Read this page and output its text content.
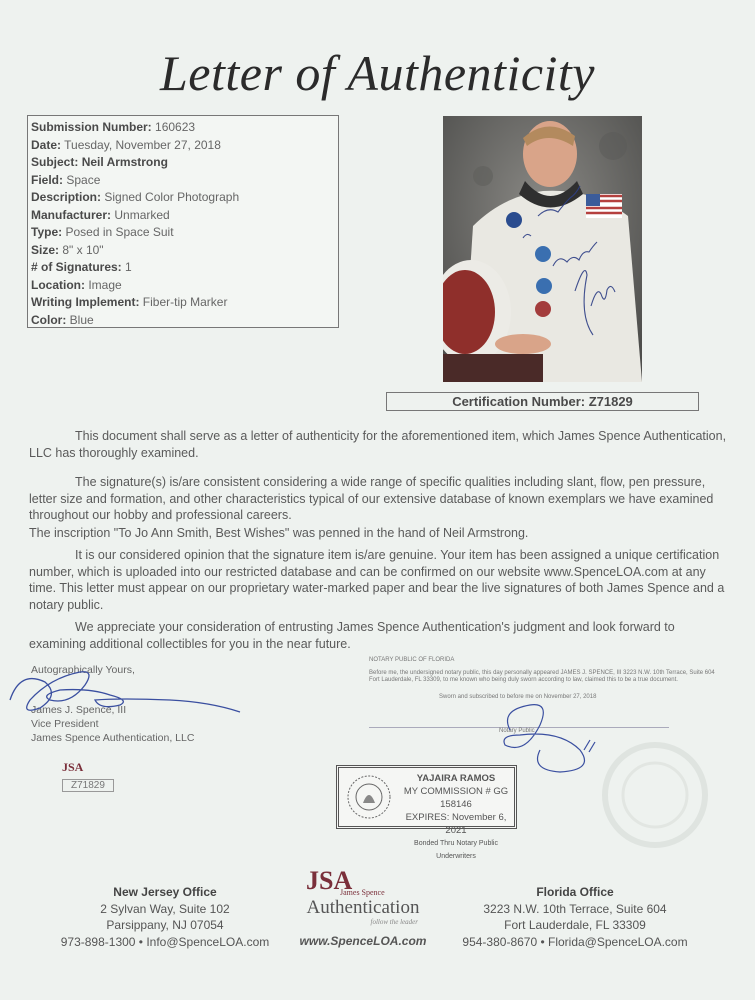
Letter of Authenticity
Submission Number: 160623
Date: Tuesday, November 27, 2018
Subject: Neil Armstrong
Field: Space
Description: Signed Color Photograph
Manufacturer: Unmarked
Type: Posed in Space Suit
Size: 8" x 10"
# of Signatures: 1
Location: Image
Writing Implement: Fiber-tip Marker
Color: Blue
Certification Number: Z71829
This document shall serve as a letter of authenticity for the aforementioned item, which James Spence Authentication, LLC has thoroughly examined.
The signature(s) is/are consistent considering a wide range of specific qualities including slant, flow, pen pressure, letter size and formation, and other characteristics typical of our extensive database of known exemplars we have examined throughout our hobby and professional careers.
The inscription "To Jo Ann Smith, Best Wishes" was penned in the hand of Neil Armstrong.
It is our considered opinion that the signature item is/are genuine. Your item has been assigned a unique certification number, which is uploaded into our restricted database and can be confirmed on our website www.SpenceLOA.com at any time. This letter must appear on our proprietary water-marked paper and bear the live signatures of both James Spence and a notary public.
We appreciate your consideration of entrusting James Spence Authentication's judgment and look forward to examining additional collectibles for you in the near future.
Autographically Yours,
James J. Spence, III
Vice President
James Spence Authentication, LLC
JSA
Z71829
NOTARY PUBLIC OF FLORIDA
Before me, the undersigned notary public, this day personally appeared JAMES J. SPENCE, III 3223 N.W. 10th Terrace, Suite 604 Fort Lauderdale, FL 33309, to me known who being duly sworn according to law, claimed this to be a true document.
Sworn and subscribed to before me on November 27, 2018
Notary Public
YAJAIRA RAMOS
MY COMMISSION # GG 158146
EXPIRES: November 6, 2021
Bonded Thru Notary Public Underwriters
New Jersey Office
2 Sylvan Way, Suite 102
Parsippany, NJ 07054
973-898-1300 • Info@SpenceLOA.com
JSA
James Spence
Authentication
follow the leader
www.SpenceLOA.com
Florida Office
3223 N.W. 10th Terrace, Suite 604
Fort Lauderdale, FL 33309
954-380-8670 • Florida@SpenceLOA.com
